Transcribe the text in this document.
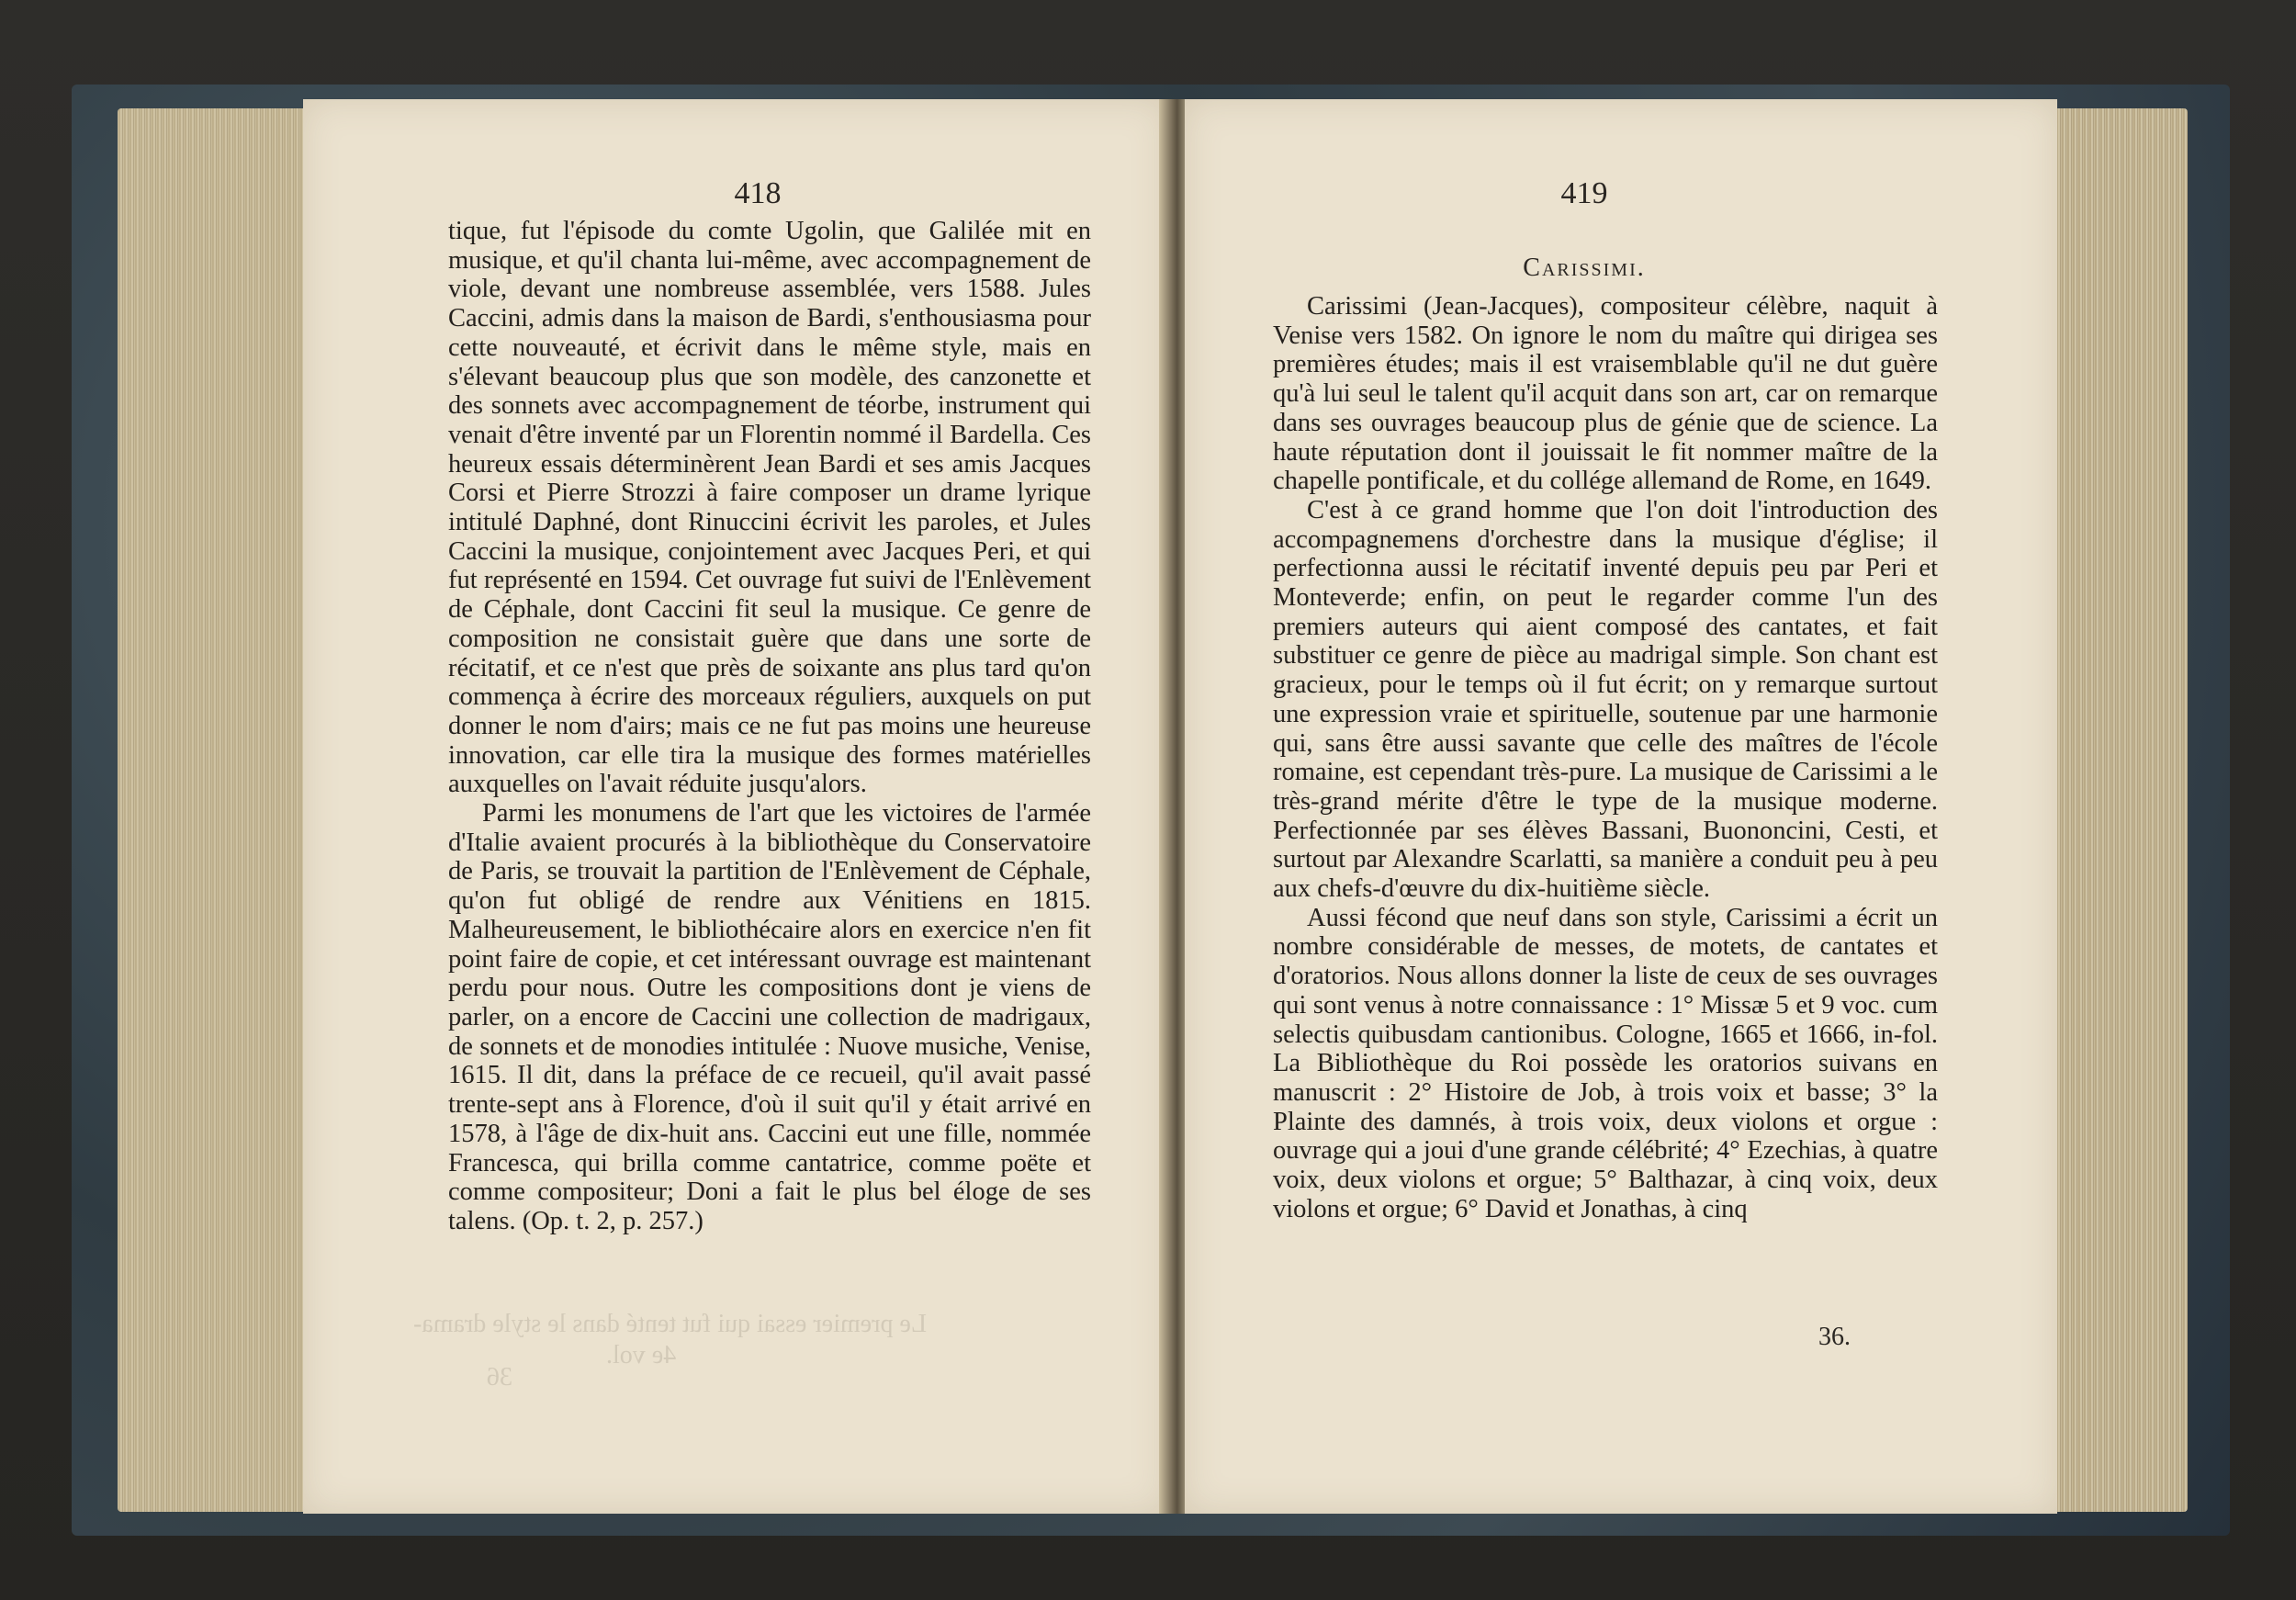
418

tique, fut l'épisode du comte Ugolin, que Galilée mit en musique, et qu'il chanta lui-même, avec accompagnement de viole, devant une nombreuse assemblée, vers 1588. Jules Caccini, admis dans la maison de Bardi, s'enthousiasma pour cette nouveauté, et écrivit dans le même style, mais en s'élevant beaucoup plus que son modèle, des canzonette et des sonnets avec accompagnement de téorbe, instrument qui venait d'être inventé par un Florentin nommé il Bardella. Ces heureux essais déterminèrent Jean Bardi et ses amis Jacques Corsi et Pierre Strozzi à faire composer un drame lyrique intitulé Daphné, dont Rinuccini écrivit les paroles, et Jules Caccini la musique, conjointement avec Jacques Peri, et qui fut représenté en 1594. Cet ouvrage fut suivi de l'Enlèvement de Céphale, dont Caccini fit seul la musique. Ce genre de composition ne consistait guère que dans une sorte de récitatif, et ce n'est que près de soixante ans plus tard qu'on commença à écrire des morceaux réguliers, auxquels on put donner le nom d'airs; mais ce ne fut pas moins une heureuse innovation, car elle tira la musique des formes matérielles auxquelles on l'avait réduite jusqu'alors.

Parmi les monumens de l'art que les victoires de l'armée d'Italie avaient procurés à la bibliothèque du Conservatoire de Paris, se trouvait la partition de l'Enlèvement de Céphale, qu'on fut obligé de rendre aux Vénitiens en 1815. Malheureusement, le bibliothécaire alors en exercice n'en fit point faire de copie, et cet intéressant ouvrage est maintenant perdu pour nous. Outre les compositions dont je viens de parler, on a encore de Caccini une collection de madrigaux, de sonnets et de monodies intitulée : Nuove musiche, Venise, 1615. Il dit, dans la préface de ce recueil, qu'il avait passé trente-sept ans à Florence, d'où il suit qu'il y était arrivé en 1578, à l'âge de dix-huit ans. Caccini eut une fille, nommée Francesca, qui brilla comme cantatrice, comme poëte et comme compositeur; Doni a fait le plus bel éloge de ses talens. (Op. t. 2, p. 257.)

Le premier essai qui fut tenté dans le style drama-
4e vol.
36
419
Carissimi.

Carissimi (Jean-Jacques), compositeur célèbre, naquit à Venise vers 1582. On ignore le nom du maître qui dirigea ses premières études; mais il est vraisemblable qu'il ne dut guère qu'à lui seul le talent qu'il acquit dans son art, car on remarque dans ses ouvrages beaucoup plus de génie que de science. La haute réputation dont il jouissait le fit nommer maître de la chapelle pontificale, et du collége allemand de Rome, en 1649.

C'est à ce grand homme que l'on doit l'introduction des accompagnemens d'orchestre dans la musique d'église; il perfectionna aussi le récitatif inventé depuis peu par Peri et Monteverde; enfin, on peut le regarder comme l'un des premiers auteurs qui aient composé des cantates, et fait substituer ce genre de pièce au madrigal simple. Son chant est gracieux, pour le temps où il fut écrit; on y remarque surtout une expression vraie et spirituelle, soutenue par une harmonie qui, sans être aussi savante que celle des maîtres de l'école romaine, est cependant très-pure. La musique de Carissimi a le très-grand mérite d'être le type de la musique moderne. Perfectionnée par ses élèves Bassani, Buononcini, Cesti, et surtout par Alexandre Scarlatti, sa manière a conduit peu à peu aux chefs-d'œuvre du dix-huitième siècle.

Aussi fécond que neuf dans son style, Carissimi a écrit un nombre considérable de messes, de motets, de cantates et d'oratorios. Nous allons donner la liste de ceux de ses ouvrages qui sont venus à notre connaissance : 1° Missæ 5 et 9 voc. cum selectis quibusdam cantionibus. Cologne, 1665 et 1666, in-fol. La Bibliothèque du Roi possède les oratorios suivans en manuscrit : 2° Histoire de Job, à trois voix et basse; 3° la Plainte des damnés, à trois voix, deux violons et orgue : ouvrage qui a joui d'une grande célébrité; 4° Ezechias, à quatre voix, deux violons et orgue; 5° Balthazar, à cinq voix, deux violons et orgue; 6° David et Jonathas, à cinq

36.
